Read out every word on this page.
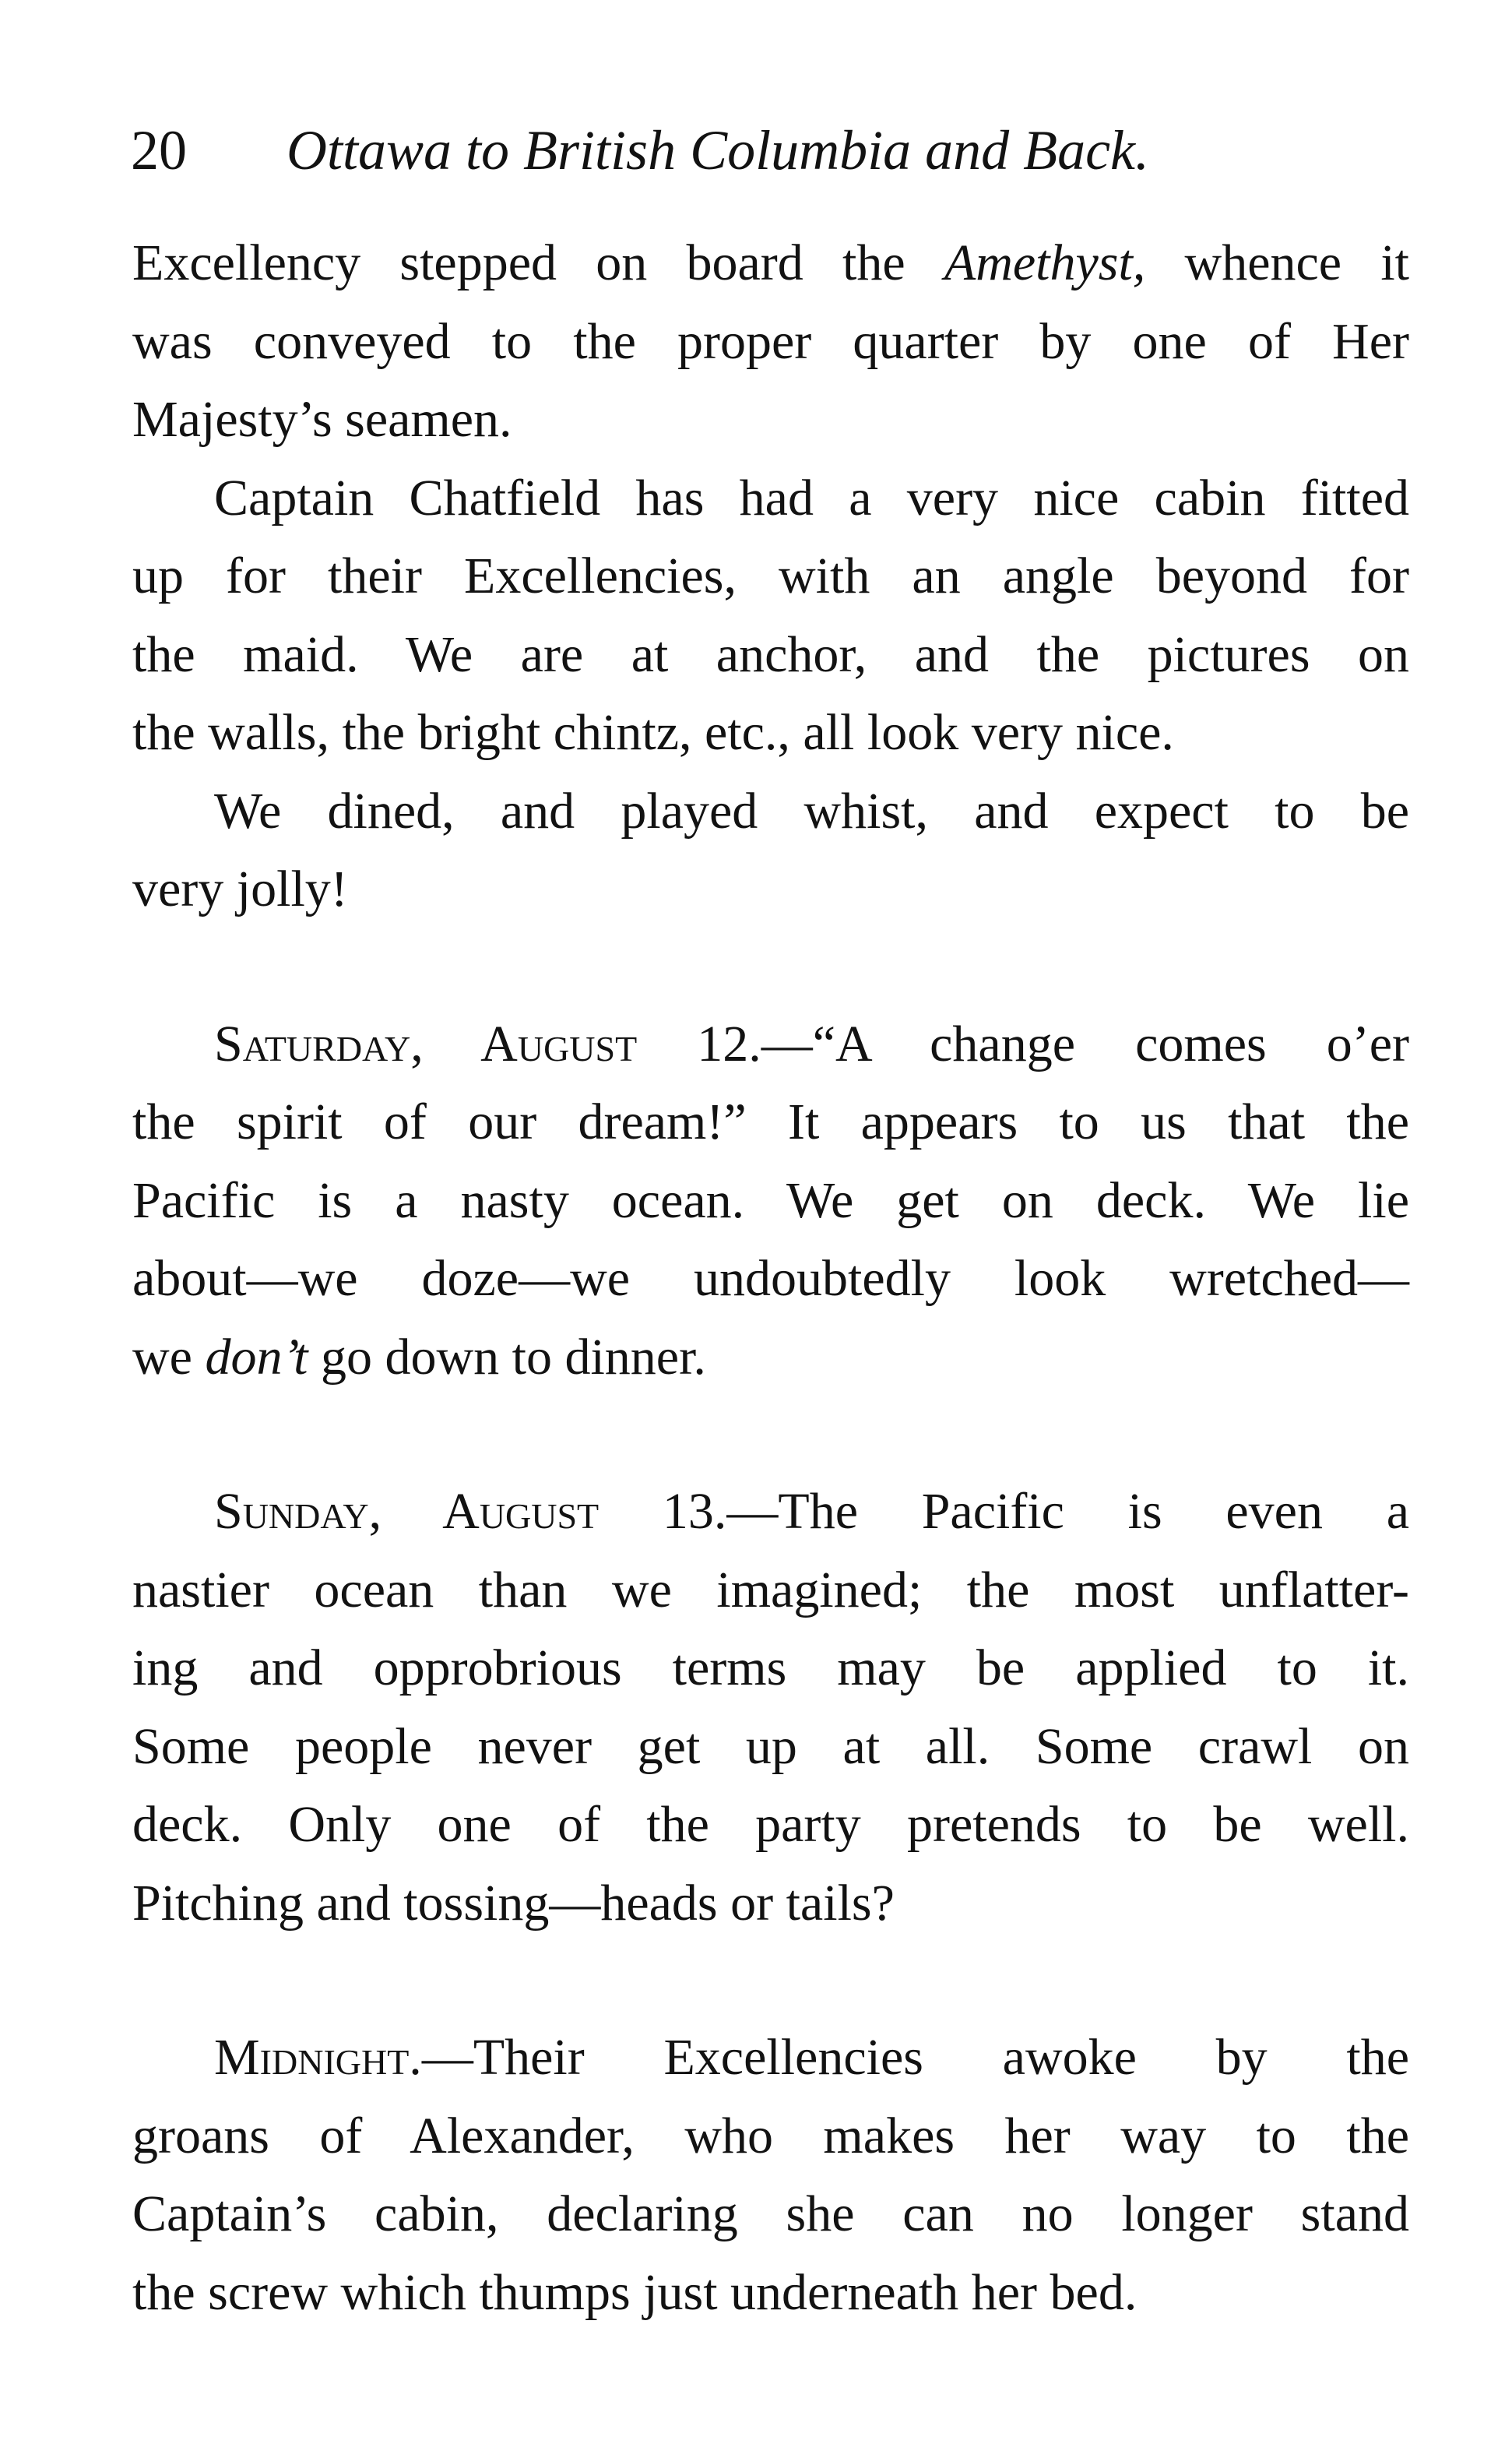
20 Ottawa to British Columbia and Back.
Excellency stepped on board the Amethyst, whence it
was conveyed to the proper quarter by one of Her
Majesty’s seamen.
Captain Chatfield has had a very nice cabin fitted
up for their Excellencies, with an angle beyond for
the maid. We are at anchor, and the pictures on
the walls, the bright chintz, etc., all look very nice.
We dined, and played whist, and expect to be
very jolly!
Saturday, August 12.—“A change comes o’er
the spirit of our dream!” It appears to us that the
Pacific is a nasty ocean. We get on deck. We lie
about—we doze—we undoubtedly look wretched—
we don’t go down to dinner.
Sunday, August 13.—The Pacific is even a
nastier ocean than we imagined; the most unflatter-
ing and opprobrious terms may be applied to it.
Some people never get up at all. Some crawl on
deck. Only one of the party pretends to be well.
Pitching and tossing—heads or tails?
Midnight.—Their Excellencies awoke by the
groans of Alexander, who makes her way to the
Captain’s cabin, declaring she can no longer stand
the screw which thumps just underneath her bed.
